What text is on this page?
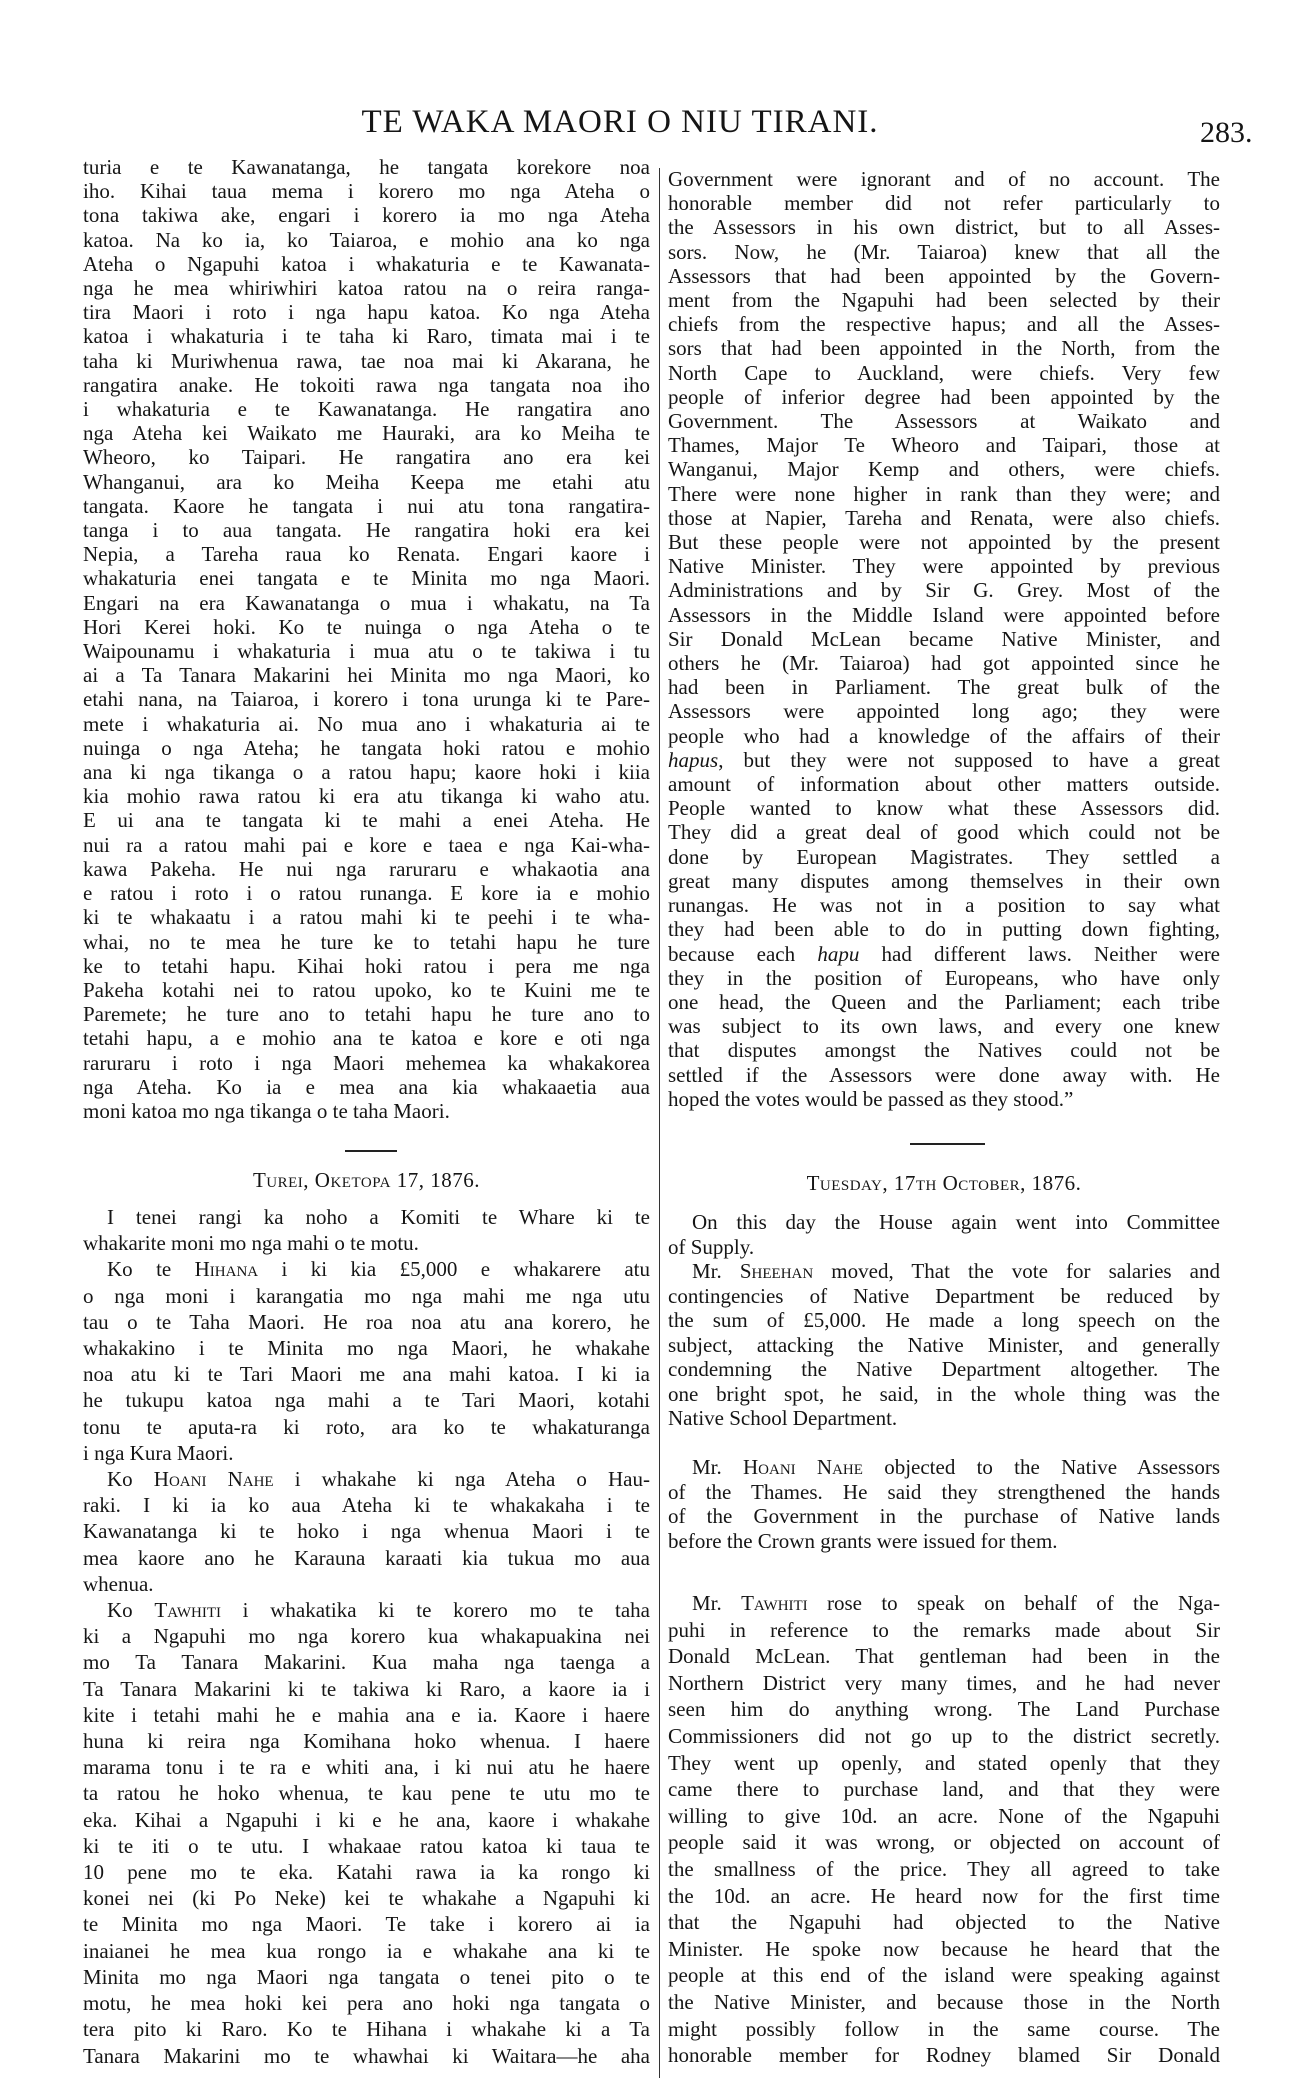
TE WAKA MAORI O NIU TIRANI.	283.
turia e te Kawanatanga, he tangata korekore noa
iho. Kihai taua mema i korero mo nga Ateha o
tona takiwa ake, engari i korero ia mo nga Ateha
katoa. Na ko ia, ko Taiaroa, e mohio ana ko nga
Ateha o Ngapuhi katoa i whakaturia e te Kawanata-
nga he mea whiriwhiri katoa ratou na o reira ranga-
tira Maori i roto i nga hapu katoa. Ko nga Ateha
katoa i whakaturia i te taha ki Raro, timata mai i te
taha ki Muriwhenua rawa, tae noa mai ki Akarana, he
rangatira anake. He tokoiti rawa nga tangata noa iho
i whakaturia e te Kawanatanga. He rangatira ano
nga Ateha kei Waikato me Hauraki, ara ko Meiha te
Wheoro, ko Taipari. He rangatira ano era kei
Whanganui, ara ko Meiha Keepa me etahi atu
tangata. Kaore he tangata i nui atu tona rangatira-
tanga i to aua tangata. He rangatira hoki era kei
Nepia, a Tareha raua ko Renata. Engari kaore i
whakaturia enei tangata e te Minita mo nga Maori.
Engari na era Kawanatanga o mua i whakatu, na Ta
Hori Kerei hoki. Ko te nuinga o nga Ateha o te
Waipounamu i whakaturia i mua atu o te takiwa i tu
ai a Ta Tanara Makarini hei Minita mo nga Maori, ko
etahi nana, na Taiaroa, i korero i tona urunga ki te Pare-
mete i whakaturia ai. No mua ano i whakaturia ai te
nuinga o nga Ateha; he tangata hoki ratou e mohio
ana ki nga tikanga o a ratou hapu; kaore hoki i kiia
kia mohio rawa ratou ki era atu tikanga ki waho atu.
E ui ana te tangata ki te mahi a enei Ateha. He
nui ra a ratou mahi pai e kore e taea e nga Kai-wha-
kawa Pakeha. He nui nga raruraru e whakaotia ana
e ratou i roto i o ratou runanga. E kore ia e mohio
ki te whakaatu i a ratou mahi ki te peehi i te wha-
whai, no te mea he ture ke to tetahi hapu he ture
ke to tetahi hapu. Kihai hoki ratou i pera me nga
Pakeha kotahi nei to ratou upoko, ko te Kuini me te
Paremete; he ture ano to tetahi hapu he ture ano to
tetahi hapu, a e mohio ana te katoa e kore e oti nga
raruraru i roto i nga Maori mehemea ka whakakorea
nga Ateha. Ko ia e mea ana kia whakaaetia aua
moni katoa mo nga tikanga o te taha Maori.
Turei, Oketopa 17, 1876.
I tenei rangi ka noho a Komiti te Whare ki te
whakarite moni mo nga mahi o te motu.
Ko te Hihana i ki kia £5,000 e whakarere atu
o nga moni i karangatia mo nga mahi me nga utu
tau o te Taha Maori. He roa noa atu ana korero, he
whakakino i te Minita mo nga Maori, he whakahe
noa atu ki te Tari Maori me ana mahi katoa. I ki ia
he tukupu katoa nga mahi a te Tari Maori, kotahi
tonu te aputa-ra ki roto, ara ko te whakaturanga
i nga Kura Maori.
Ko Hoani Nahe i whakahe ki nga Ateha o Hau-
raki. I ki ia ko aua Ateha ki te whakakaha i te
Kawanatanga ki te hoko i nga whenua Maori i te
mea kaore ano he Karauna karaati kia tukua mo aua
whenua.
Ko Tawhiti i whakatika ki te korero mo te taha
ki a Ngapuhi mo nga korero kua whakapuakina nei
mo Ta Tanara Makarini. Kua maha nga taenga a
Ta Tanara Makarini ki te takiwa ki Raro, a kaore ia i
kite i tetahi mahi he e mahia ana e ia. Kaore i haere
huna ki reira nga Komihana hoko whenua. I haere
marama tonu i te ra e whiti ana, i ki nui atu he haere
ta ratou he hoko whenua, te kau pene te utu mo te
eka. Kihai a Ngapuhi i ki e he ana, kaore i whakahe
ki te iti o te utu. I whakaae ratou katoa ki taua te
10 pene mo te eka. Katahi rawa ia ka rongo ki
konei nei (ki Po Neke) kei te whakahe a Ngapuhi ki
te Minita mo nga Maori. Te take i korero ai ia
inaianei he mea kua rongo ia e whakahe ana ki te
Minita mo nga Maori nga tangata o tenei pito o te
motu, he mea hoki kei pera ano hoki nga tangata o
tera pito ki Raro. Ko te Hihana i whakahe ki a Ta
Tanara Makarini mo te whawhai ki Waitara—he aha
Government were ignorant and of no account. The
honorable member did not refer particularly to
the Assessors in his own district, but to all Asses-
sors. Now, he (Mr. Taiaroa) knew that all the
Assessors that had been appointed by the Govern-
ment from the Ngapuhi had been selected by their
chiefs from the respective hapus; and all the Asses-
sors that had been appointed in the North, from the
North Cape to Auckland, were chiefs. Very few
people of inferior degree had been appointed by the
Government. The Assessors at Waikato and
Thames, Major Te Wheoro and Taipari, those at
Wanganui, Major Kemp and others, were chiefs.
There were none higher in rank than they were; and
those at Napier, Tareha and Renata, were also chiefs.
But these people were not appointed by the present
Native Minister. They were appointed by previous
Administrations and by Sir G. Grey. Most of the
Assessors in the Middle Island were appointed before
Sir Donald McLean became Native Minister, and
others he (Mr. Taiaroa) had got appointed since he
had been in Parliament. The great bulk of the
Assessors were appointed long ago; they were
people who had a knowledge of the affairs of their
hapus, but they were not supposed to have a great
amount of information about other matters outside.
People wanted to know what these Assessors did.
They did a great deal of good which could not be
done by European Magistrates. They settled a
great many disputes among themselves in their own
runangas. He was not in a position to say what
they had been able to do in putting down fighting,
because each hapu had different laws. Neither were
they in the position of Europeans, who have only
one head, the Queen and the Parliament; each tribe
was subject to its own laws, and every one knew
that disputes amongst the Natives could not be
settled if the Assessors were done away with. He
hoped the votes would be passed as they stood.”
Tuesday, 17th October, 1876.
On this day the House again went into Committee
of Supply.
Mr. Sheehan moved, That the vote for salaries and
contingencies of Native Department be reduced by
the sum of £5,000. He made a long speech on the
subject, attacking the Native Minister, and generally
condemning the Native Department altogether. The
one bright spot, he said, in the whole thing was the
Native School Department.
Mr. Hoani Nahe objected to the Native Assessors
of the Thames. He said they strengthened the hands
of the Government in the purchase of Native lands
before the Crown grants were issued for them.
Mr. Tawhiti rose to speak on behalf of the Nga-
puhi in reference to the remarks made about Sir
Donald McLean. That gentleman had been in the
Northern District very many times, and he had never
seen him do anything wrong. The Land Purchase
Commissioners did not go up to the district secretly.
They went up openly, and stated openly that they
came there to purchase land, and that they were
willing to give 10d. an acre. None of the Ngapuhi
people said it was wrong, or objected on account of
the smallness of the price. They all agreed to take
the 10d. an acre. He heard now for the first time
that the Ngapuhi had objected to the Native
Minister. He spoke now because he heard that the
people at this end of the island were speaking against
the Native Minister, and because those in the North
might possibly follow in the same course. The
honorable member for Rodney blamed Sir Donald
